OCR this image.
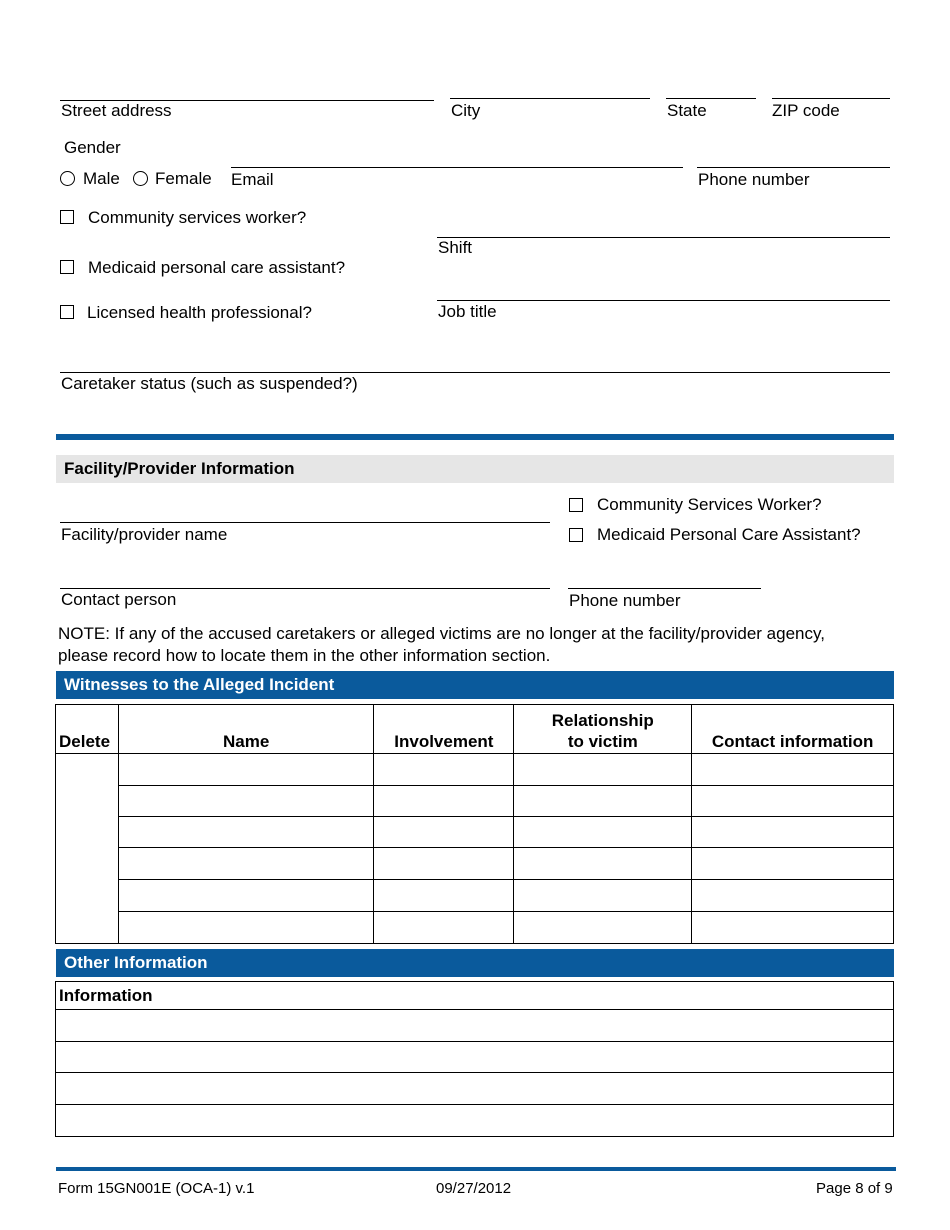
Street address	City	State	ZIP code
Gender
Male Female Email	Phone number
Community services worker?
Shift
Medicaid personal care assistant?
Job title
Licensed health professional?
Caretaker status (such as suspended?)
Facility/Provider Information
Community Services Worker?
Medicaid Personal Care Assistant?
Facility/provider name
Contact person	Phone number
NOTE: If any of the accused caretakers or alleged victims are no longer at the facility/provider agency, please record how to locate them in the other information section.
Witnesses to the Alleged Incident
Delete	Name	Involvement	Relationship to victim	Contact information

Other Information
Information

Form 15GN001E (OCA-1) v.1	09/27/2012	Page 8 of 9
